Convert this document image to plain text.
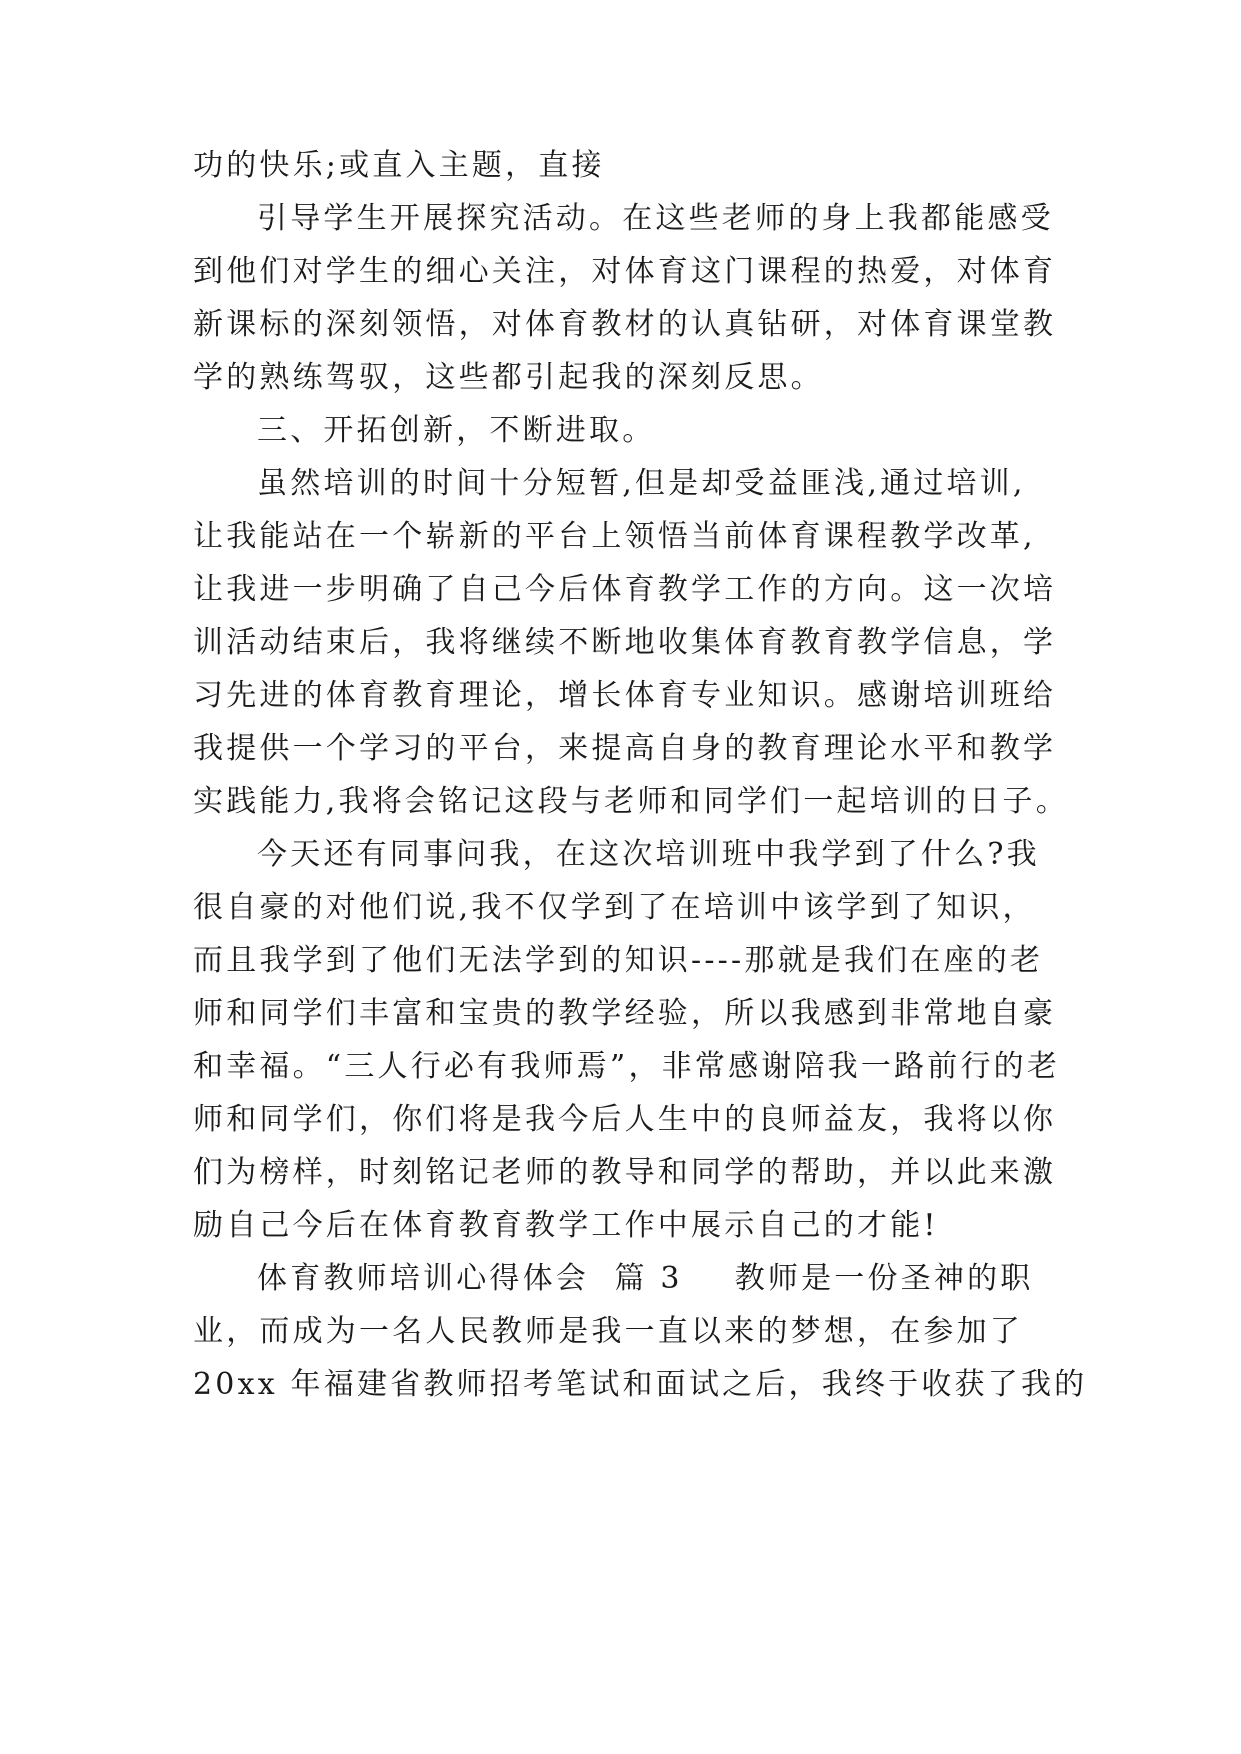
功的快乐;或直入主题，直接
引导学生开展探究活动。在这些老师的身上我都能感受
到他们对学生的细心关注，对体育这门课程的热爱，对体育
新课标的深刻领悟，对体育教材的认真钻研，对体育课堂教
学的熟练驾驭，这些都引起我的深刻反思。
三、开拓创新，不断进取。
虽然培训的时间十分短暂,但是却受益匪浅,通过培训,
让我能站在一个崭新的平台上领悟当前体育课程教学改革,
让我进一步明确了自己今后体育教学工作的方向。这一次培
训活动结束后，我将继续不断地收集体育教育教学信息，学
习先进的体育教育理论，增长体育专业知识。感谢培训班给
我提供一个学习的平台，来提高自身的教育理论水平和教学
实践能力,我将会铭记这段与老师和同学们一起培训的日子。
今天还有同事问我，在这次培训班中我学到了什么?我
很自豪的对他们说,我不仅学到了在培训中该学到了知识，
而且我学到了他们无法学到的知识----那就是我们在座的老
师和同学们丰富和宝贵的教学经验，所以我感到非常地自豪
和幸福。“三人行必有我师焉”，非常感谢陪我一路前行的老
师和同学们，你们将是我今后人生中的良师益友，我将以你
们为榜样，时刻铭记老师的教导和同学的帮助，并以此来激
励自己今后在体育教育教学工作中展示自己的才能!
体育教师培训心得体会  篇 3 教师是一份圣神的职
业，而成为一名人民教师是我一直以来的梦想，在参加了
20xx 年福建省教师招考笔试和面试之后，我终于收获了我的
